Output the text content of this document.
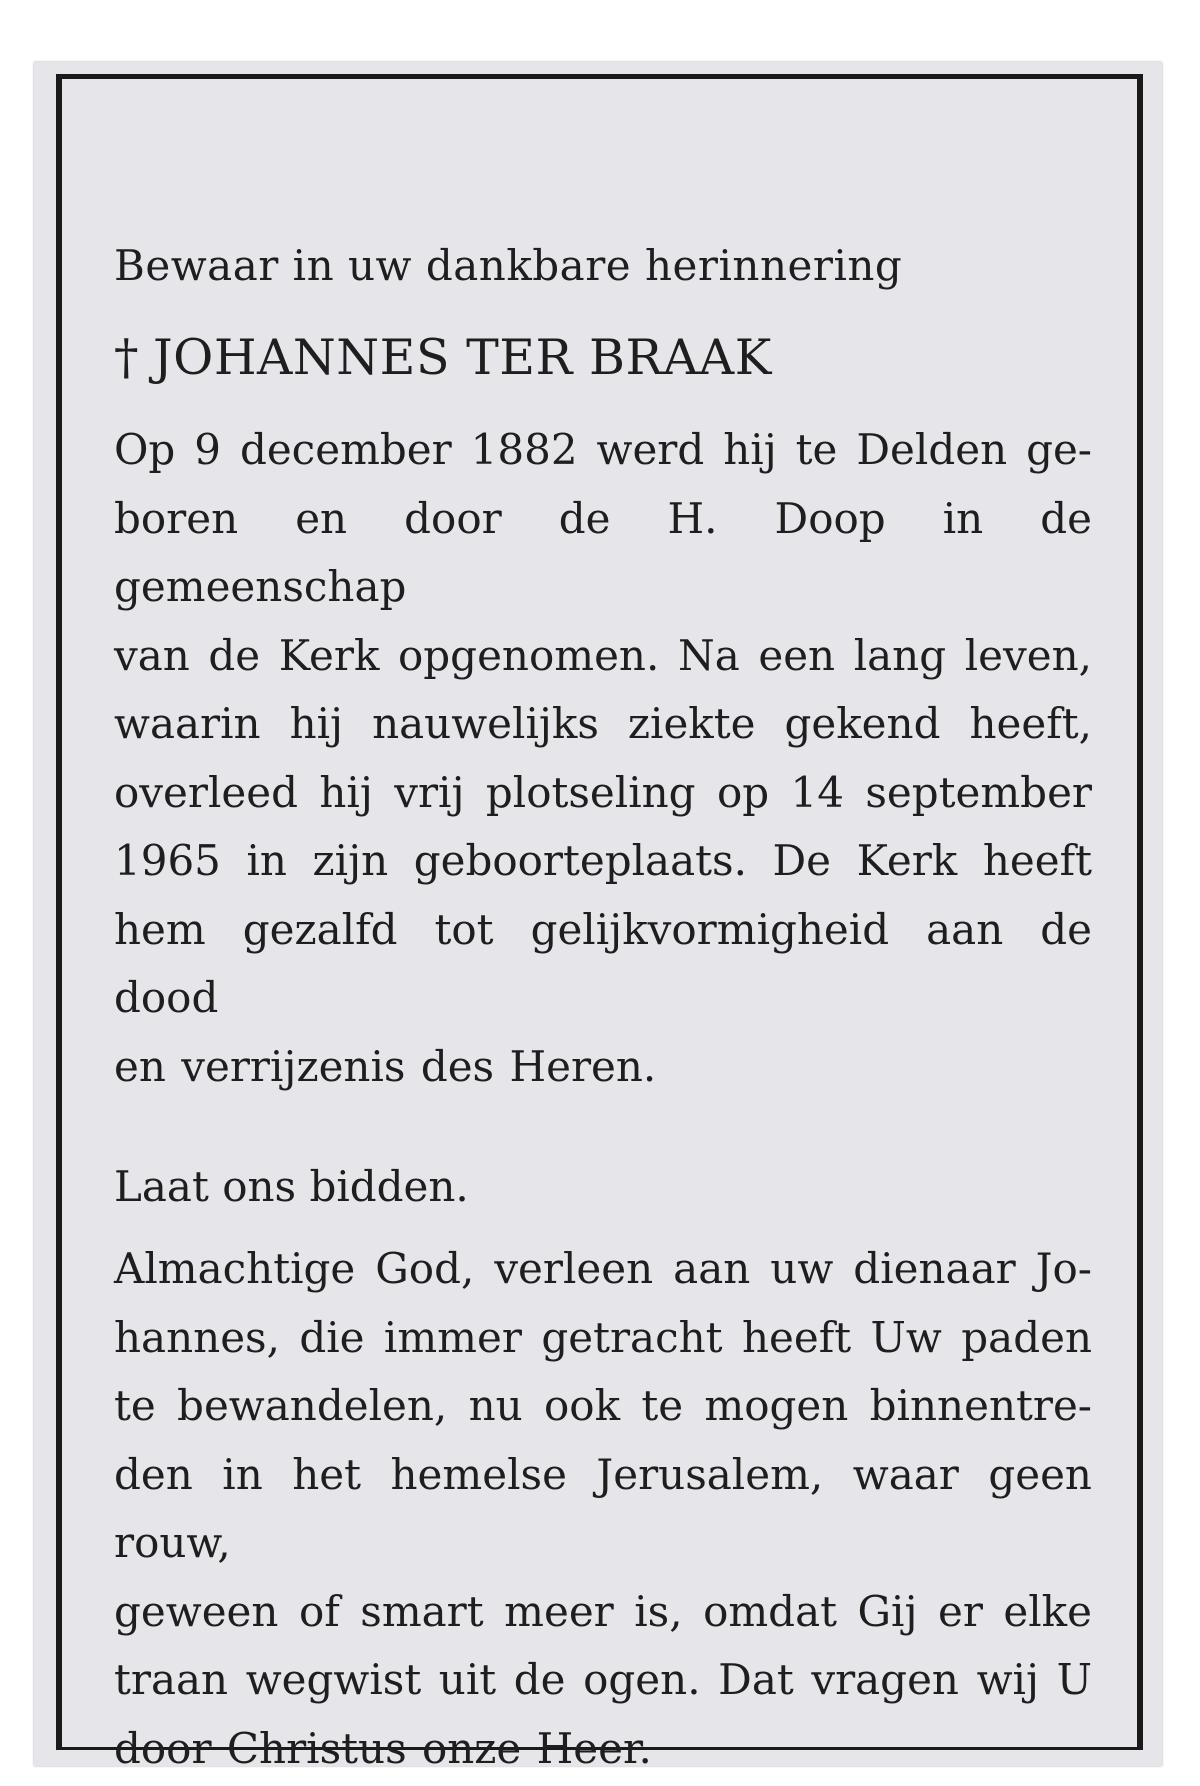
Bewaar in uw dankbare herinnering
† JOHANNES TER BRAAK
Op 9 december 1882 werd hij te Delden ge-
boren en door de H. Doop in de gemeenschap
van de Kerk opgenomen. Na een lang leven,
waarin hij nauwelijks ziekte gekend heeft,
overleed hij vrij plotseling op 14 september
1965 in zijn geboorteplaats. De Kerk heeft
hem gezalfd tot gelijkvormigheid aan de dood
en verrijzenis des Heren.
Laat ons bidden.
Almachtige God, verleen aan uw dienaar Jo-
hannes, die immer getracht heeft Uw paden
te bewandelen, nu ook te mogen binnentre-
den in het hemelse Jerusalem, waar geen rouw,
geween of smart meer is, omdat Gij er elke
traan wegwist uit de ogen. Dat vragen wij U
door Christus onze Heer.
